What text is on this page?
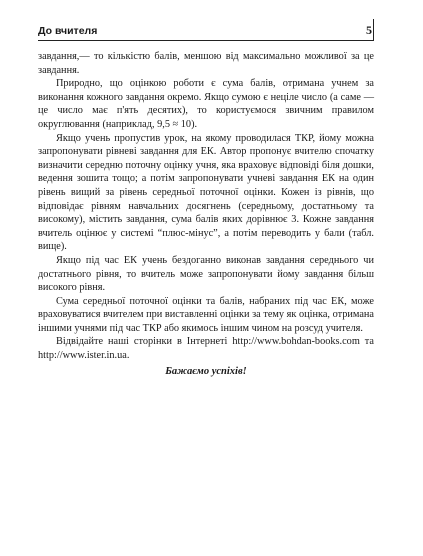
До вчителя	5

завдання,— то кількістю балів, меншою від максимально можливої за це завдання.

Природно, що оцінкою роботи є сума балів, отримана учнем за виконання кожного завдання окремо. Якщо сумою є неціле число (а саме — це число має п'ять десятих), то користуємося звичним правилом округлювання (наприклад, 9,5 ≈ 10).

Якщо учень пропустив урок, на якому проводилася ТКР, йому можна запропонувати рівневі завдання для ЕК. Автор пропонує вчителю спочатку визначити середню поточну оцінку учня, яка враховує відповіді біля дошки, ведення зошита тощо; а потім запропонувати учневі завдання ЕК на один рівень вищий за рівень середньої поточної оцінки. Кожен із рівнів, що відповідає рівням навчальних досягнень (середньому, достатньому та високому), містить завдання, сума балів яких дорівнює 3. Кожне завдання вчитель оцінює у системі “плюс-мінус”, а потім переводить у бали (табл. вище).

Якщо під час ЕК учень бездоганно виконав завдання середнього чи достатнього рівня, то вчитель може запропонувати йому завдання більш високого рівня.

Сума середньої поточної оцінки та балів, набраних під час ЕК, може враховуватися вчителем при виставленні оцінки за тему як оцінка, отримана іншими учнями під час ТКР або якимось іншим чином на розсуд учителя.

Відвідайте наші сторінки в Інтернеті http://www.bohdan-books.com та http://www.ister.in.ua.

Бажаємо успіхів!
